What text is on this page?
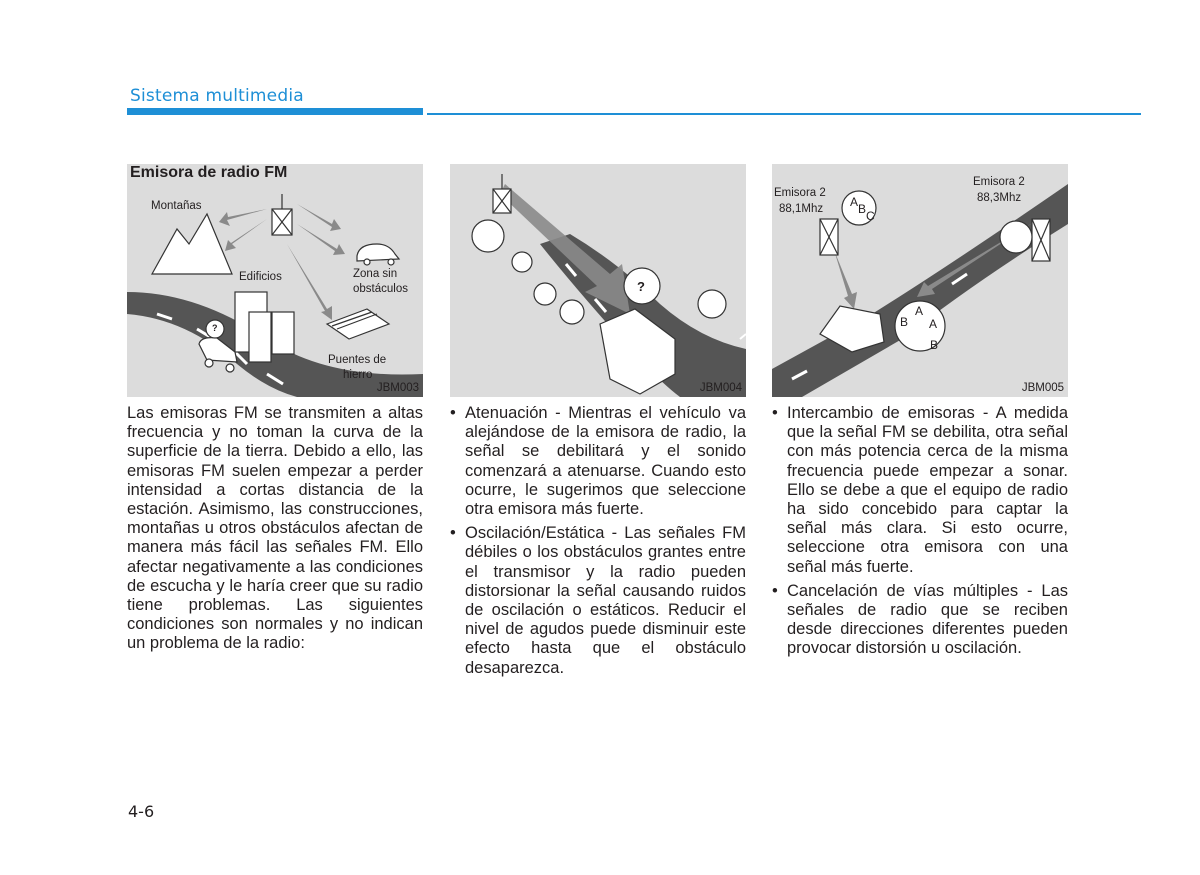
Sistema multimedia
Emisora de radio FM
Montañas
Edificios	Zona sin
obstáculos
Puentes de
hierro
?
JBM003
?
JBM004
Emisora 2
88,1Mhz
Emisora 2
88,3Mhz
A B C
A
B A
B
JBM005

Las emisoras FM se transmiten a altas frecuencia y no toman la curva de la superficie de la tierra. Debido a ello, las emisoras FM suelen empezar a perder intensidad a cortas distancia de la estación. Asimismo, las construcciones, montañas u otros obstáculos afectan de manera más fácil las señales FM. Ello afectar negativamente a las condiciones de escucha y le haría creer que su radio tiene problemas. Las siguientes condiciones son normales y no indican un problema de la radio:

• Atenuación - Mientras el vehículo va alejándose de la emisora de radio, la señal se debilitará y el sonido comenzará a atenuarse. Cuando esto ocurre, le sugerimos que seleccione otra emisora más fuerte.
• Oscilación/Estática - Las señales FM débiles o los obstáculos grantes entre el transmisor y la radio pueden distorsionar la señal causando ruidos de oscilación o estáticos. Reducir el nivel de agudos puede disminuir este efecto hasta que el obstáculo desaparezca.
• Intercambio de emisoras - A medida que la señal FM se debilita, otra señal con más potencia cerca de la misma frecuencia puede empezar a sonar. Ello se debe a que el equipo de radio ha sido concebido para captar la señal más clara. Si esto ocurre, seleccione otra emisora con una señal más fuerte.
• Cancelación de vías múltiples - Las señales de radio que se reciben desde direcciones diferentes pueden provocar distorsión u oscilación.
4-6
